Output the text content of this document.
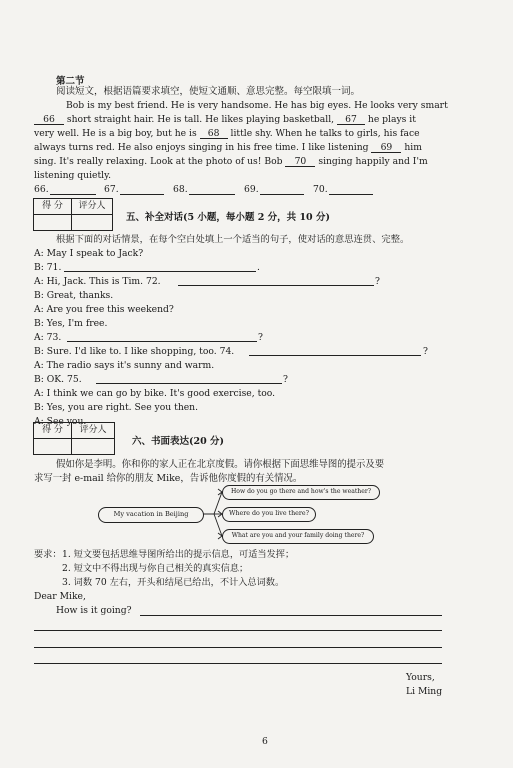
第二节
阅读短文，根据语篇要求填空，使短文通顺、意思完整。每空限填一词。
Bob is my best friend. He is very handsome. He has big eyes. He looks very smart
66 short straight hair. He is tall. He likes playing basketball, 67 he plays it
very well. He is a big boy, but he is 68 little shy. When he talks to girls, his face
always turns red. He also enjoys singing in his free time. I like listening 69 him
sing. It's really relaxing. Look at the photo of us! Bob 70 singing happily and I'm
listening quietly.
66.	67.	68.	69.	70.
得 分	评分人
五、补全对话(5 小题，每小题 2 分，共 10 分)
根据下面的对话情景，在每个空白处填上一个适当的句子，使对话的意思连贯、完整。
A: May I speak to Jack?
B: 71.	.
A: Hi, Jack. This is Tim. 72.	?
B: Great, thanks.
A: Are you free this weekend?
B: Yes, I'm free.
A: 73.	?
B: Sure. I'd like to. I like shopping, too. 74.	?
A: The radio says it's sunny and warm.
B: OK. 75.	?
A: I think we can go by bike. It's good exercise, too.
B: Yes, you are right. See you then.
A: See you.
得 分	评分人
六、书面表达(20 分)
假如你是李明。你和你的家人正在北京度假。请你根据下面思维导图的提示及要
求写一封 e-mail 给你的朋友 Mike，告诉他你度假的有关情况。
My vacation in Beijing
How do you go there and how's the weather?
Where do you live there?
What are you and your family doing there?
要求： 1. 短文要包括思维导图所给出的提示信息，可适当发挥；
2. 短文中不得出现与你自己相关的真实信息；
3. 词数 70 左右，开头和结尾已给出，不计入总词数。
Dear Mike,
How is it going?
Yours,
Li Ming
6
